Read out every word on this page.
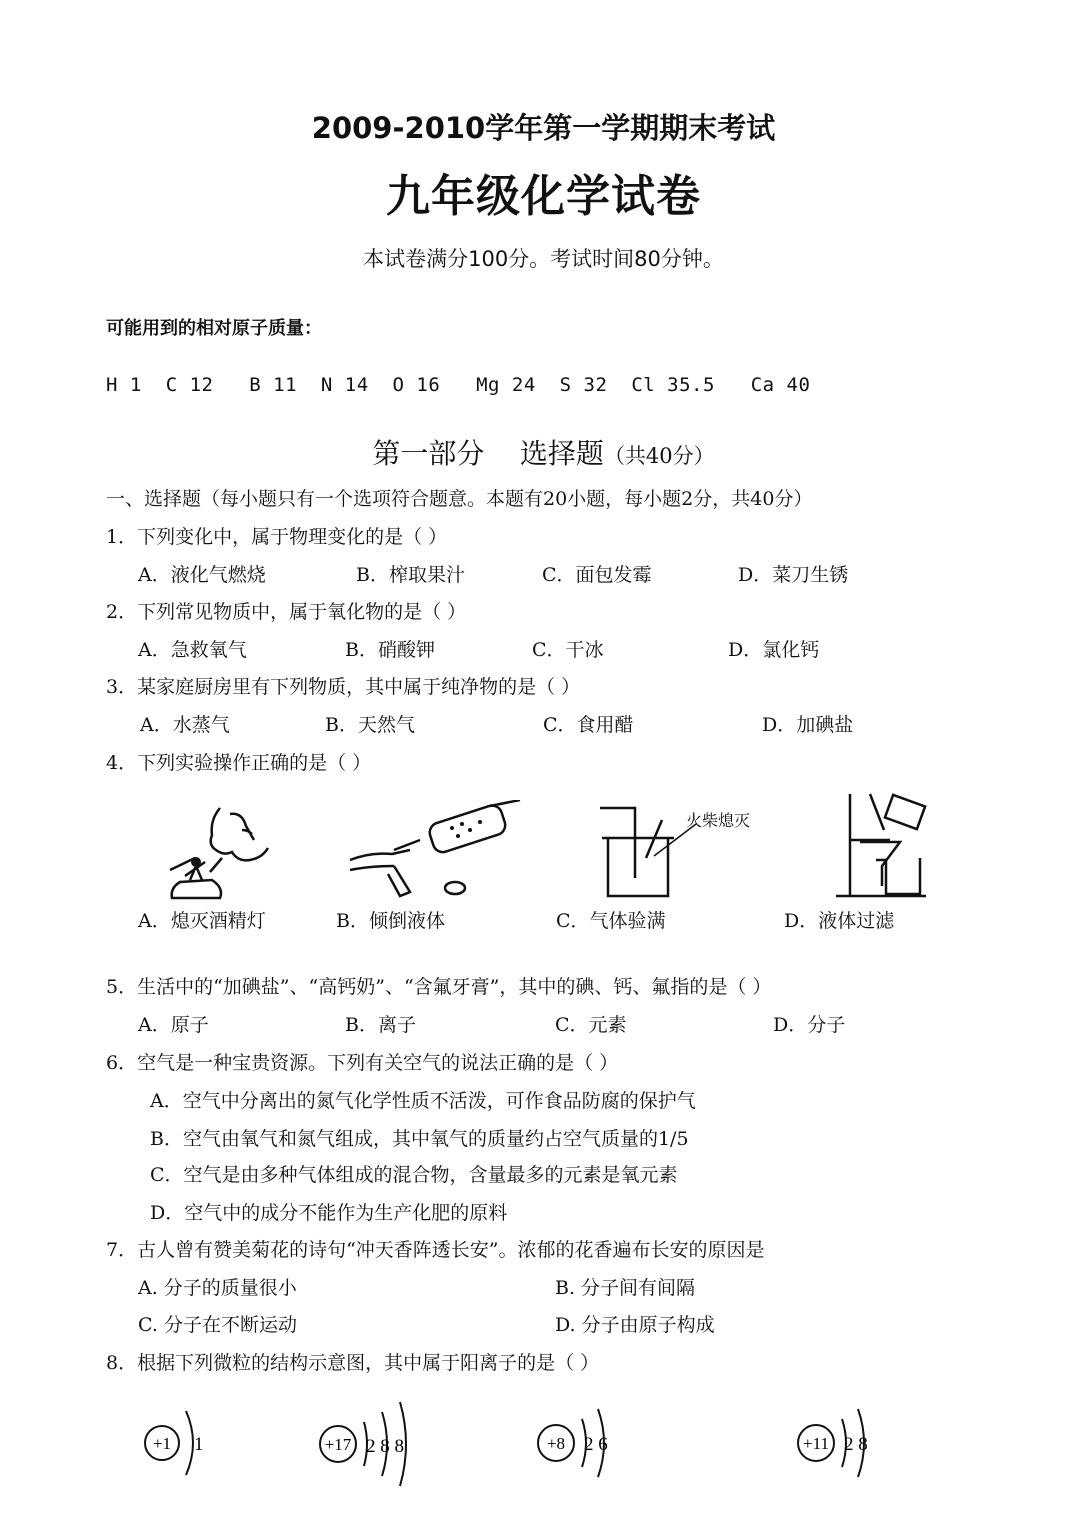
2009-2010学年第一学期期末考试
九年级化学试卷
本试卷满分100分。考试时间80分钟。
可能用到的相对原子质量：
H 1  C 12   B 11  N 14  O 16   Mg 24  S 32  Cl 35.5   Ca 40
第一部分    选择题（共40分）
一、选择题（每小题只有一个选项符合题意。本题有20小题，每小题2分，共40分）
1．下列变化中，属于物理变化的是（ ）
A．液化气燃烧	B．榨取果汁	C．面包发霉	D．菜刀生锈
2．下列常见物质中，属于氧化物的是（ ）
A．急救氧气	B．硝酸钾	C．干冰	D．氯化钙
3．某家庭厨房里有下列物质，其中属于纯净物的是（ ）
A．水蒸气	B．天然气	C．食用醋	D．加碘盐
4．下列实验操作正确的是（ ）
火柴熄灭
A．熄灭酒精灯	B．倾倒液体	C．气体验满	D．液体过滤
5．生活中的“加碘盐”、“高钙奶”、“含氟牙膏”，其中的碘、钙、氟指的是（ ）
A．原子	B．离子	C．元素	D．分子
6．空气是一种宝贵资源。下列有关空气的说法正确的是（ ）
A．空气中分离出的氮气化学性质不活泼，可作食品防腐的保护气
B．空气由氧气和氮气组成，其中氧气的质量约占空气质量的1/5
C．空气是由多种气体组成的混合物，含量最多的元素是氧元素
D．空气中的成分不能作为生产化肥的原料
7．古人曾有赞美菊花的诗句“冲天香阵透长安”。浓郁的花香遍布长安的原因是
A. 分子的质量很小	B. 分子间有间隔
C. 分子在不断运动	D. 分子由原子构成
8．根据下列微粒的结构示意图，其中属于阳离子的是（ ）
+1 1	+17 2 8 8	+8 2 6	+11 2 8
